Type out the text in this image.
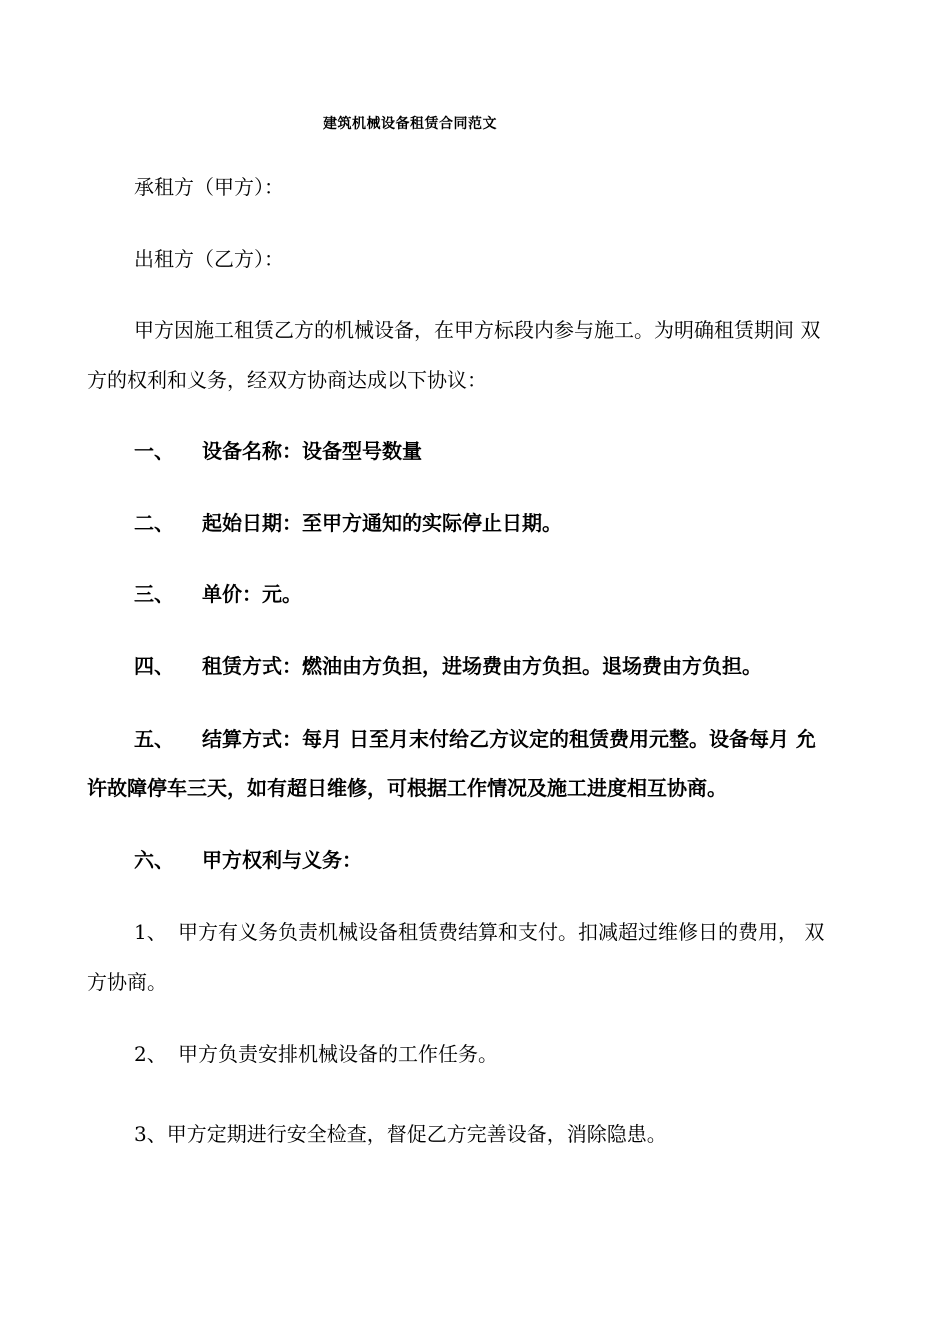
建筑机械设备租赁合同范文
承租方（甲方）：
出租方（乙方）：
甲方因施工租赁乙方的机械设备，在甲方标段内参与施工。为明确租赁期间 双
方的权利和义务，经双方协商达成以下协议：
一、 设备名称：设备型号数量
二、 起始日期：至甲方通知的实际停止日期。
三、 单价：元。
四、 租赁方式：燃油由方负担，进场费由方负担。退场费由方负担。
五、 结算方式：每月 日至月末付给乙方议定的租赁费用元整。设备每月 允
许故障停车三天，如有超日维修，可根据工作情况及施工进度相互协商。
六、 甲方权利与义务：
1、 甲方有义务负责机械设备租赁费结算和支付。扣减超过维修日的费用， 双
方协商。
2、 甲方负责安排机械设备的工作任务。
3、甲方定期进行安全检查，督促乙方完善设备，消除隐患。
